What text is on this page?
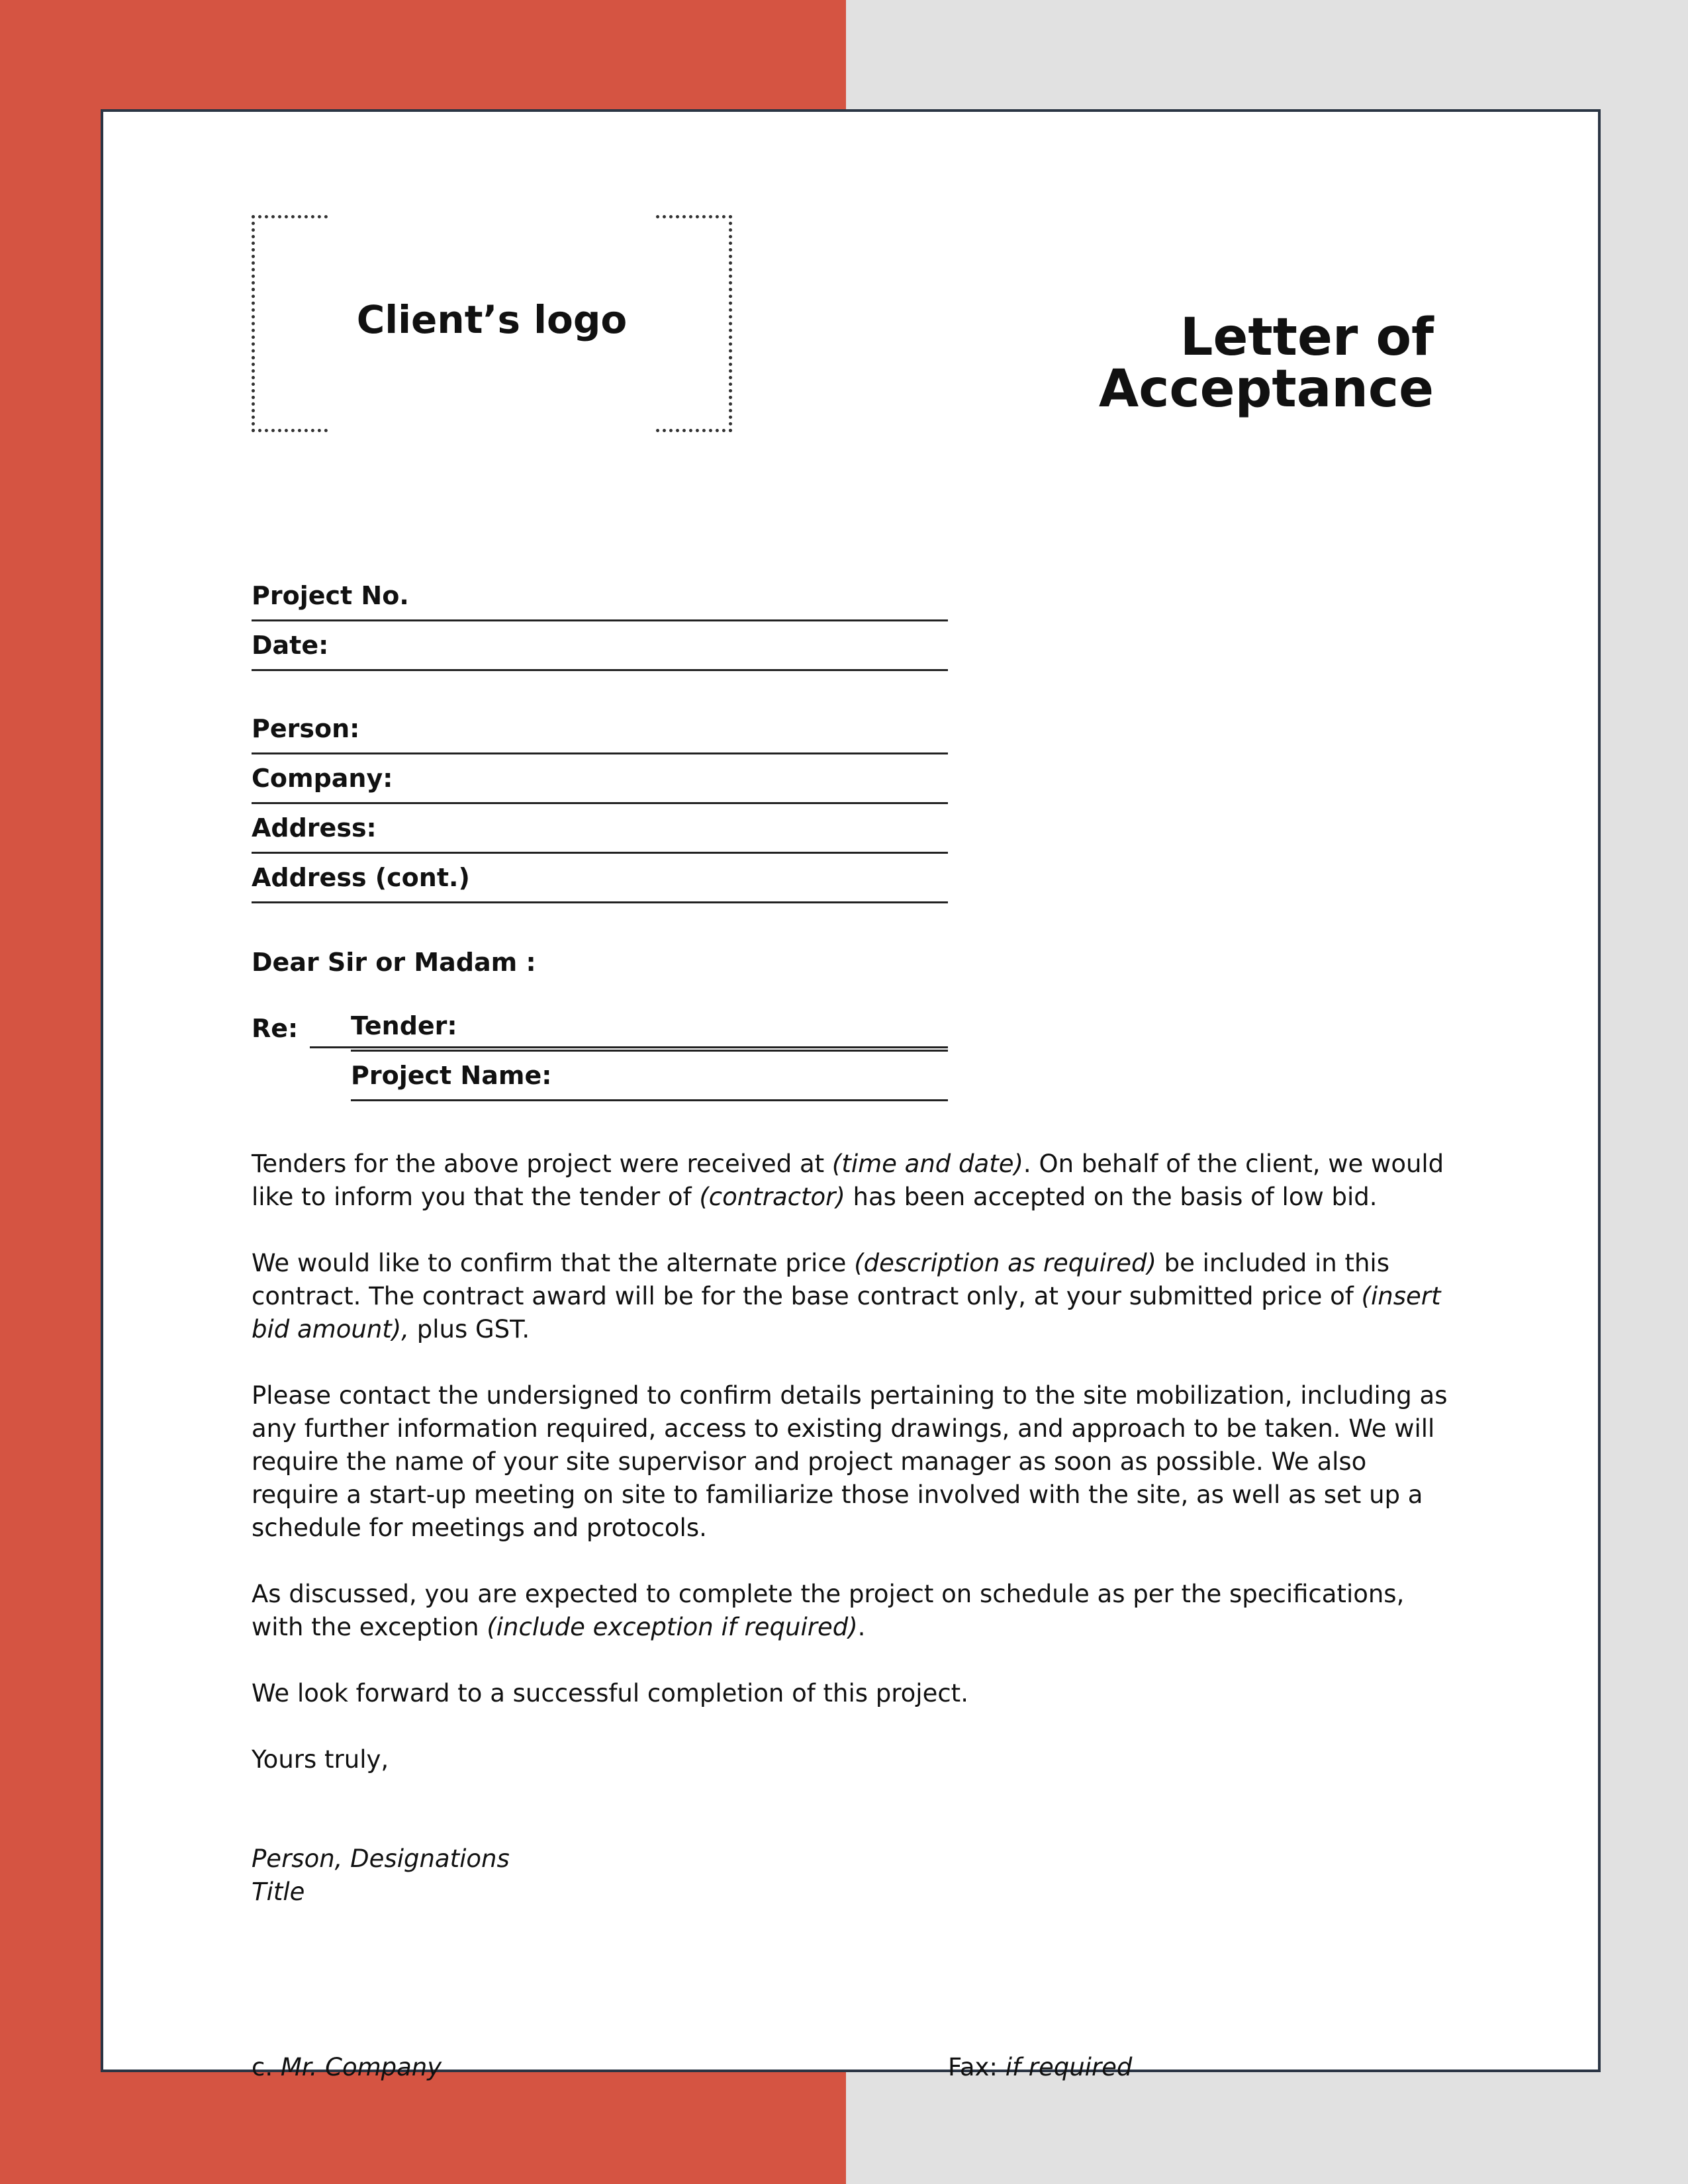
Client’s logo	Letter of
Acceptance
Project No.
Date:
Person:
Company:
Address:
Address (cont.)
Dear Sir or Madam :
Re: Tender:
Project Name:

Tenders for the above project were received at (time and date). On behalf of the client, we would like to inform you that the tender of (contractor) has been accepted on the basis of low bid.

We would like to confirm that the alternate price (description as required) be included in this contract. The contract award will be for the base contract only, at your submitted price of (insert bid amount), plus GST.

Please contact the undersigned to confirm details pertaining to the site mobilization, including as any further information required, access to existing drawings, and approach to be taken. We will require the name of your site supervisor and project manager as soon as possible. We also require a start-up meeting on site to familiarize those involved with the site, as well as set up a schedule for meetings and protocols.

As discussed, you are expected to complete the project on schedule as per the specifications, with the exception (include exception if required).

We look forward to a successful completion of this project.

Yours truly,

Person, Designations
Title
c. Mr. Company	Fax: if required
